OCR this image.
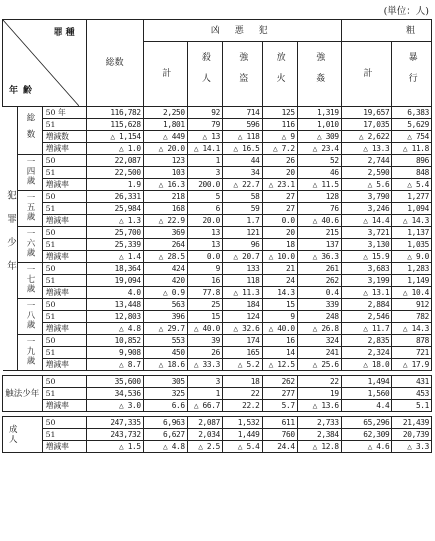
(単位：人)
罪種
年齢			総数	凶 悪 犯					粗	
				計	殺人	強盗	放火	強姦	計	暴行
犯罪少年	総数	50 年	116,782	2,250	92	714	125	1,319	19,657	6,383
		51	115,628	1,801	79	596	116	1,010	17,035	5,629
		増減数	△ 1,154	△ 449	△ 13	△ 118	△ 9	△ 309	△ 2,622	△ 754
		増減率	△ 1.0	△ 20.0	△ 14.1	△ 16.5	△ 7.2	△ 23.4	△ 13.3	△ 11.8
	一四歳	50	22,087	123	1	44	26	52	2,744	896
		51	22,500	103	3	34	20	46	2,590	848
		増減率	1.9	△ 16.3	200.0	△ 22.7	△ 23.1	△ 11.5	△ 5.6	△ 5.4
	一五歳	50	26,331	218	5	58	27	128	3,790	1,277
		51	25,984	168	6	59	27	76	3,246	1,094
		増減率	△ 1.3	△ 22.9	20.0	1.7	0.0	△ 40.6	△ 14.4	△ 14.3
	一六歳	50	25,700	369	13	121	20	215	3,721	1,137
		51	25,339	264	13	96	18	137	3,130	1,035
		増減率	△ 1.4	△ 28.5	0.0	△ 20.7	△ 10.0	△ 36.3	△ 15.9	△ 9.0
	一七歳	50	18,364	424	9	133	21	261	3,683	1,283
		51	19,094	420	16	118	24	262	3,199	1,149
		増減率	4.0	△ 0.9	77.8	△ 11.3	14.3	0.4	△ 13.1	△ 10.4
	一八歳	50	13,448	563	25	184	15	339	2,884	912
		51	12,803	396	15	124	9	248	2,546	782
		増減率	△ 4.8	△ 29.7	△ 40.0	△ 32.6	△ 40.0	△ 26.8	△ 11.7	△ 14.3
	一九歳	50	10,852	553	39	174	16	324	2,835	878
		51	9,908	450	26	165	14	241	2,324	721
		増減率	△ 8.7	△ 18.6	△ 33.3	△ 5.2	△ 12.5	△ 25.6	△ 18.0	△ 17.9

触法少年		50	35,600	305	3	18	262	22	1,494	431
		51	34,536	325	1	22	277	19	1,560	453
		増減率	△ 3.0	6.6	△ 66.7	22.2	5.7	△ 13.6	4.4	5.1

成人		50	247,335	6,963	2,087	1,532	611	2,733	65,296	21,439
		51	243,732	6,627	2,034	1,449	760	2,384	62,309	20,739
		増減率	△ 1.5	△ 4.8	△ 2.5	△ 5.4	24.4	△ 12.8	△ 4.6	△ 3.3
